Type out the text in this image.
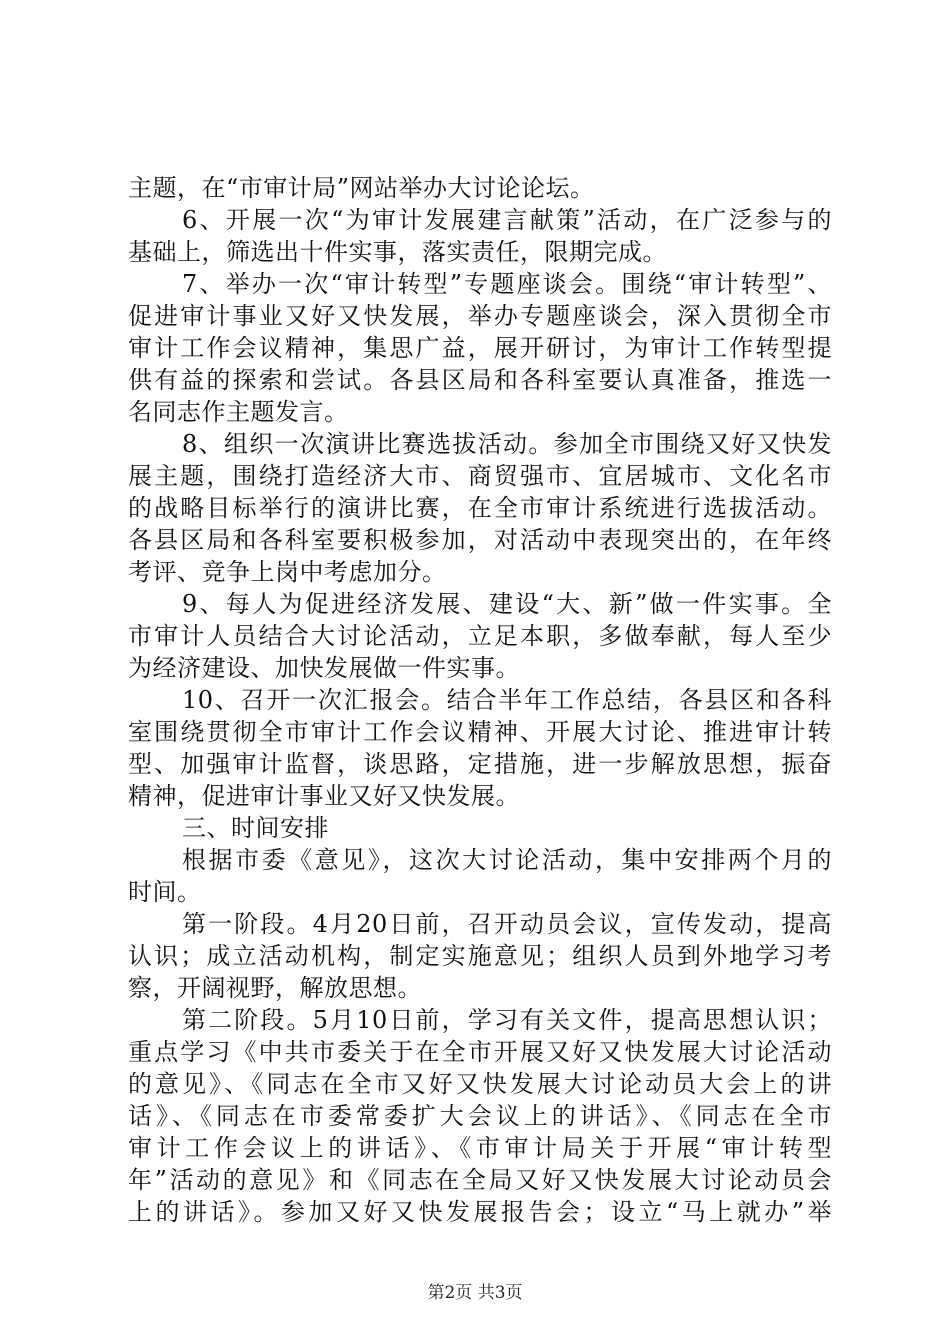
主题，在“市审计局”网站举办大讨论论坛。
6、开展一次“为审计发展建言献策”活动，在广泛参与的
基础上，筛选出十件实事，落实责任，限期完成。
7、举办一次“审计转型”专题座谈会。围绕“审计转型”、
促进审计事业又好又快发展，举办专题座谈会，深入贯彻全市
审计工作会议精神，集思广益，展开研讨，为审计工作转型提
供有益的探索和尝试。各县区局和各科室要认真准备，推选一
名同志作主题发言。
8、组织一次演讲比赛选拔活动。参加全市围绕又好又快发
展主题，围绕打造经济大市、商贸强市、宜居城市、文化名市
的战略目标举行的演讲比赛，在全市审计系统进行选拔活动。
各县区局和各科室要积极参加，对活动中表现突出的，在年终
考评、竞争上岗中考虑加分。
9、每人为促进经济发展、建设“大、新”做一件实事。全
市审计人员结合大讨论活动，立足本职，多做奉献，每人至少
为经济建设、加快发展做一件实事。
10、召开一次汇报会。结合半年工作总结，各县区和各科
室围绕贯彻全市审计工作会议精神、开展大讨论、推进审计转
型、加强审计监督，谈思路，定措施，进一步解放思想，振奋
精神，促进审计事业又好又快发展。
三、时间安排
根据市委《意见》，这次大讨论活动，集中安排两个月的
时间。
第一阶段。4月20日前，召开动员会议，宣传发动，提高
认识；成立活动机构，制定实施意见；组织人员到外地学习考
察，开阔视野，解放思想。
第二阶段。5月10日前，学习有关文件，提高思想认识；
重点学习《中共市委关于在全市开展又好又快发展大讨论活动
的意见》、《同志在全市又好又快发展大讨论动员大会上的讲
话》、《同志在市委常委扩大会议上的讲话》、《同志在全市
审计工作会议上的讲话》、《市审计局关于开展“审计转型
年”活动的意见》和《同志在全局又好又快发展大讨论动员会
上的讲话》。参加又好又快发展报告会；设立“马上就办”举
第2页 共3页
